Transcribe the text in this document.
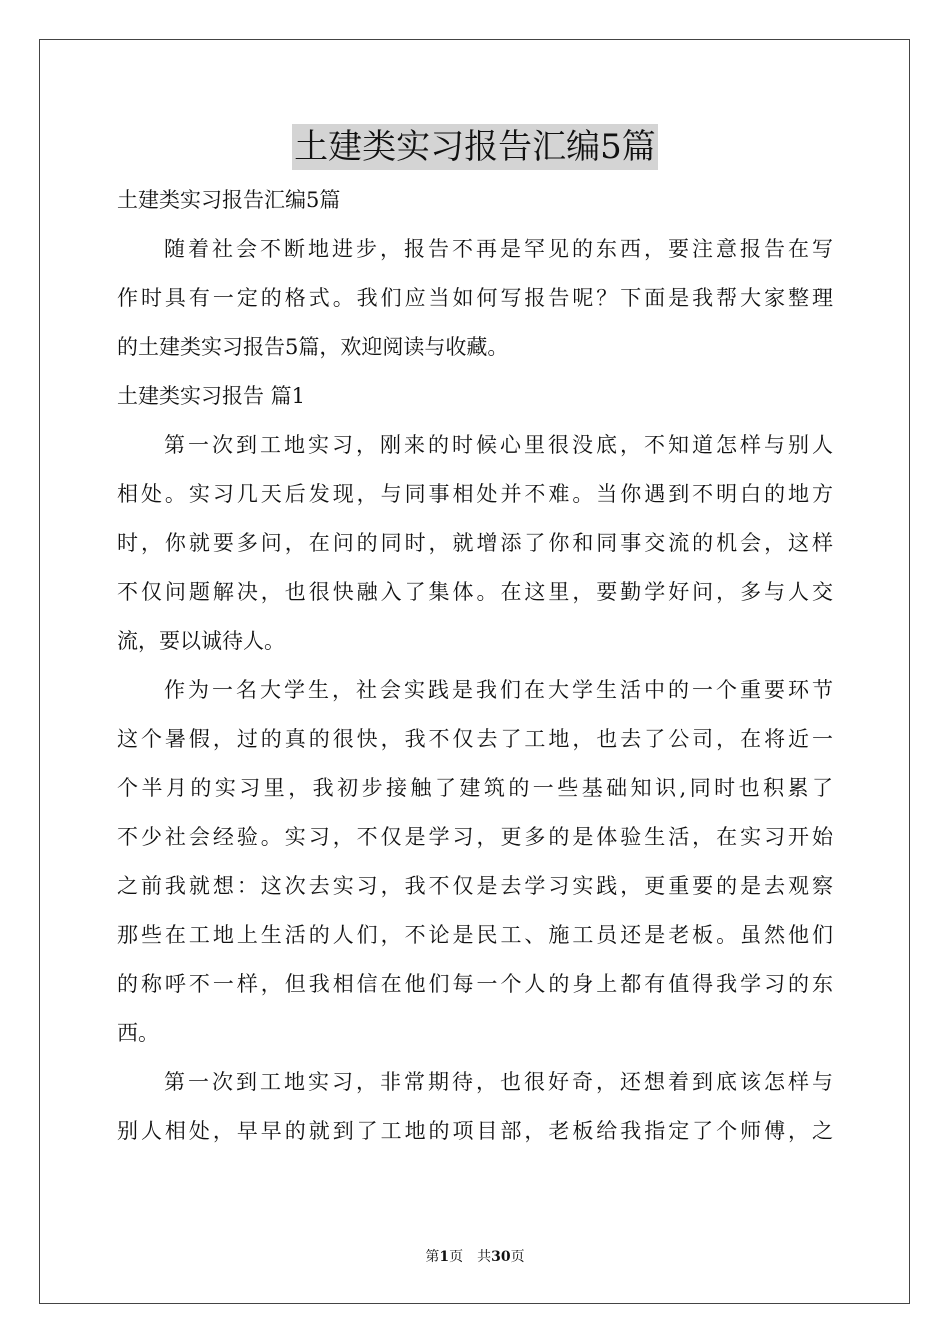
土建类实习报告汇编5篇
土建类实习报告汇编5篇
随着社会不断地进步，报告不再是罕见的东西，要注意报告在写
作时具有一定的格式。我们应当如何写报告呢？下面是我帮大家整理
的土建类实习报告5篇，欢迎阅读与收藏。
土建类实习报告 篇1
第一次到工地实习，刚来的时候心里很没底，不知道怎样与别人
相处。实习几天后发现，与同事相处并不难。当你遇到不明白的地方
时，你就要多问，在问的同时，就增添了你和同事交流的机会，这样
不仅问题解决，也很快融入了集体。在这里，要勤学好问，多与人交
流，要以诚待人。
作为一名大学生，社会实践是我们在大学生活中的一个重要环节
这个暑假，过的真的很快，我不仅去了工地，也去了公司，在将近一
个半月的实习里，我初步接触了建筑的一些基础知识,同时也积累了
不少社会经验。实习，不仅是学习，更多的是体验生活，在实习开始
之前我就想：这次去实习，我不仅是去学习实践，更重要的是去观察
那些在工地上生活的人们，不论是民工、施工员还是老板。虽然他们
的称呼不一样，但我相信在他们每一个人的身上都有值得我学习的东
西。
第一次到工地实习，非常期待，也很好奇，还想着到底该怎样与
别人相处，早早的就到了工地的项目部，老板给我指定了个师傅，之
第1页　共30页
